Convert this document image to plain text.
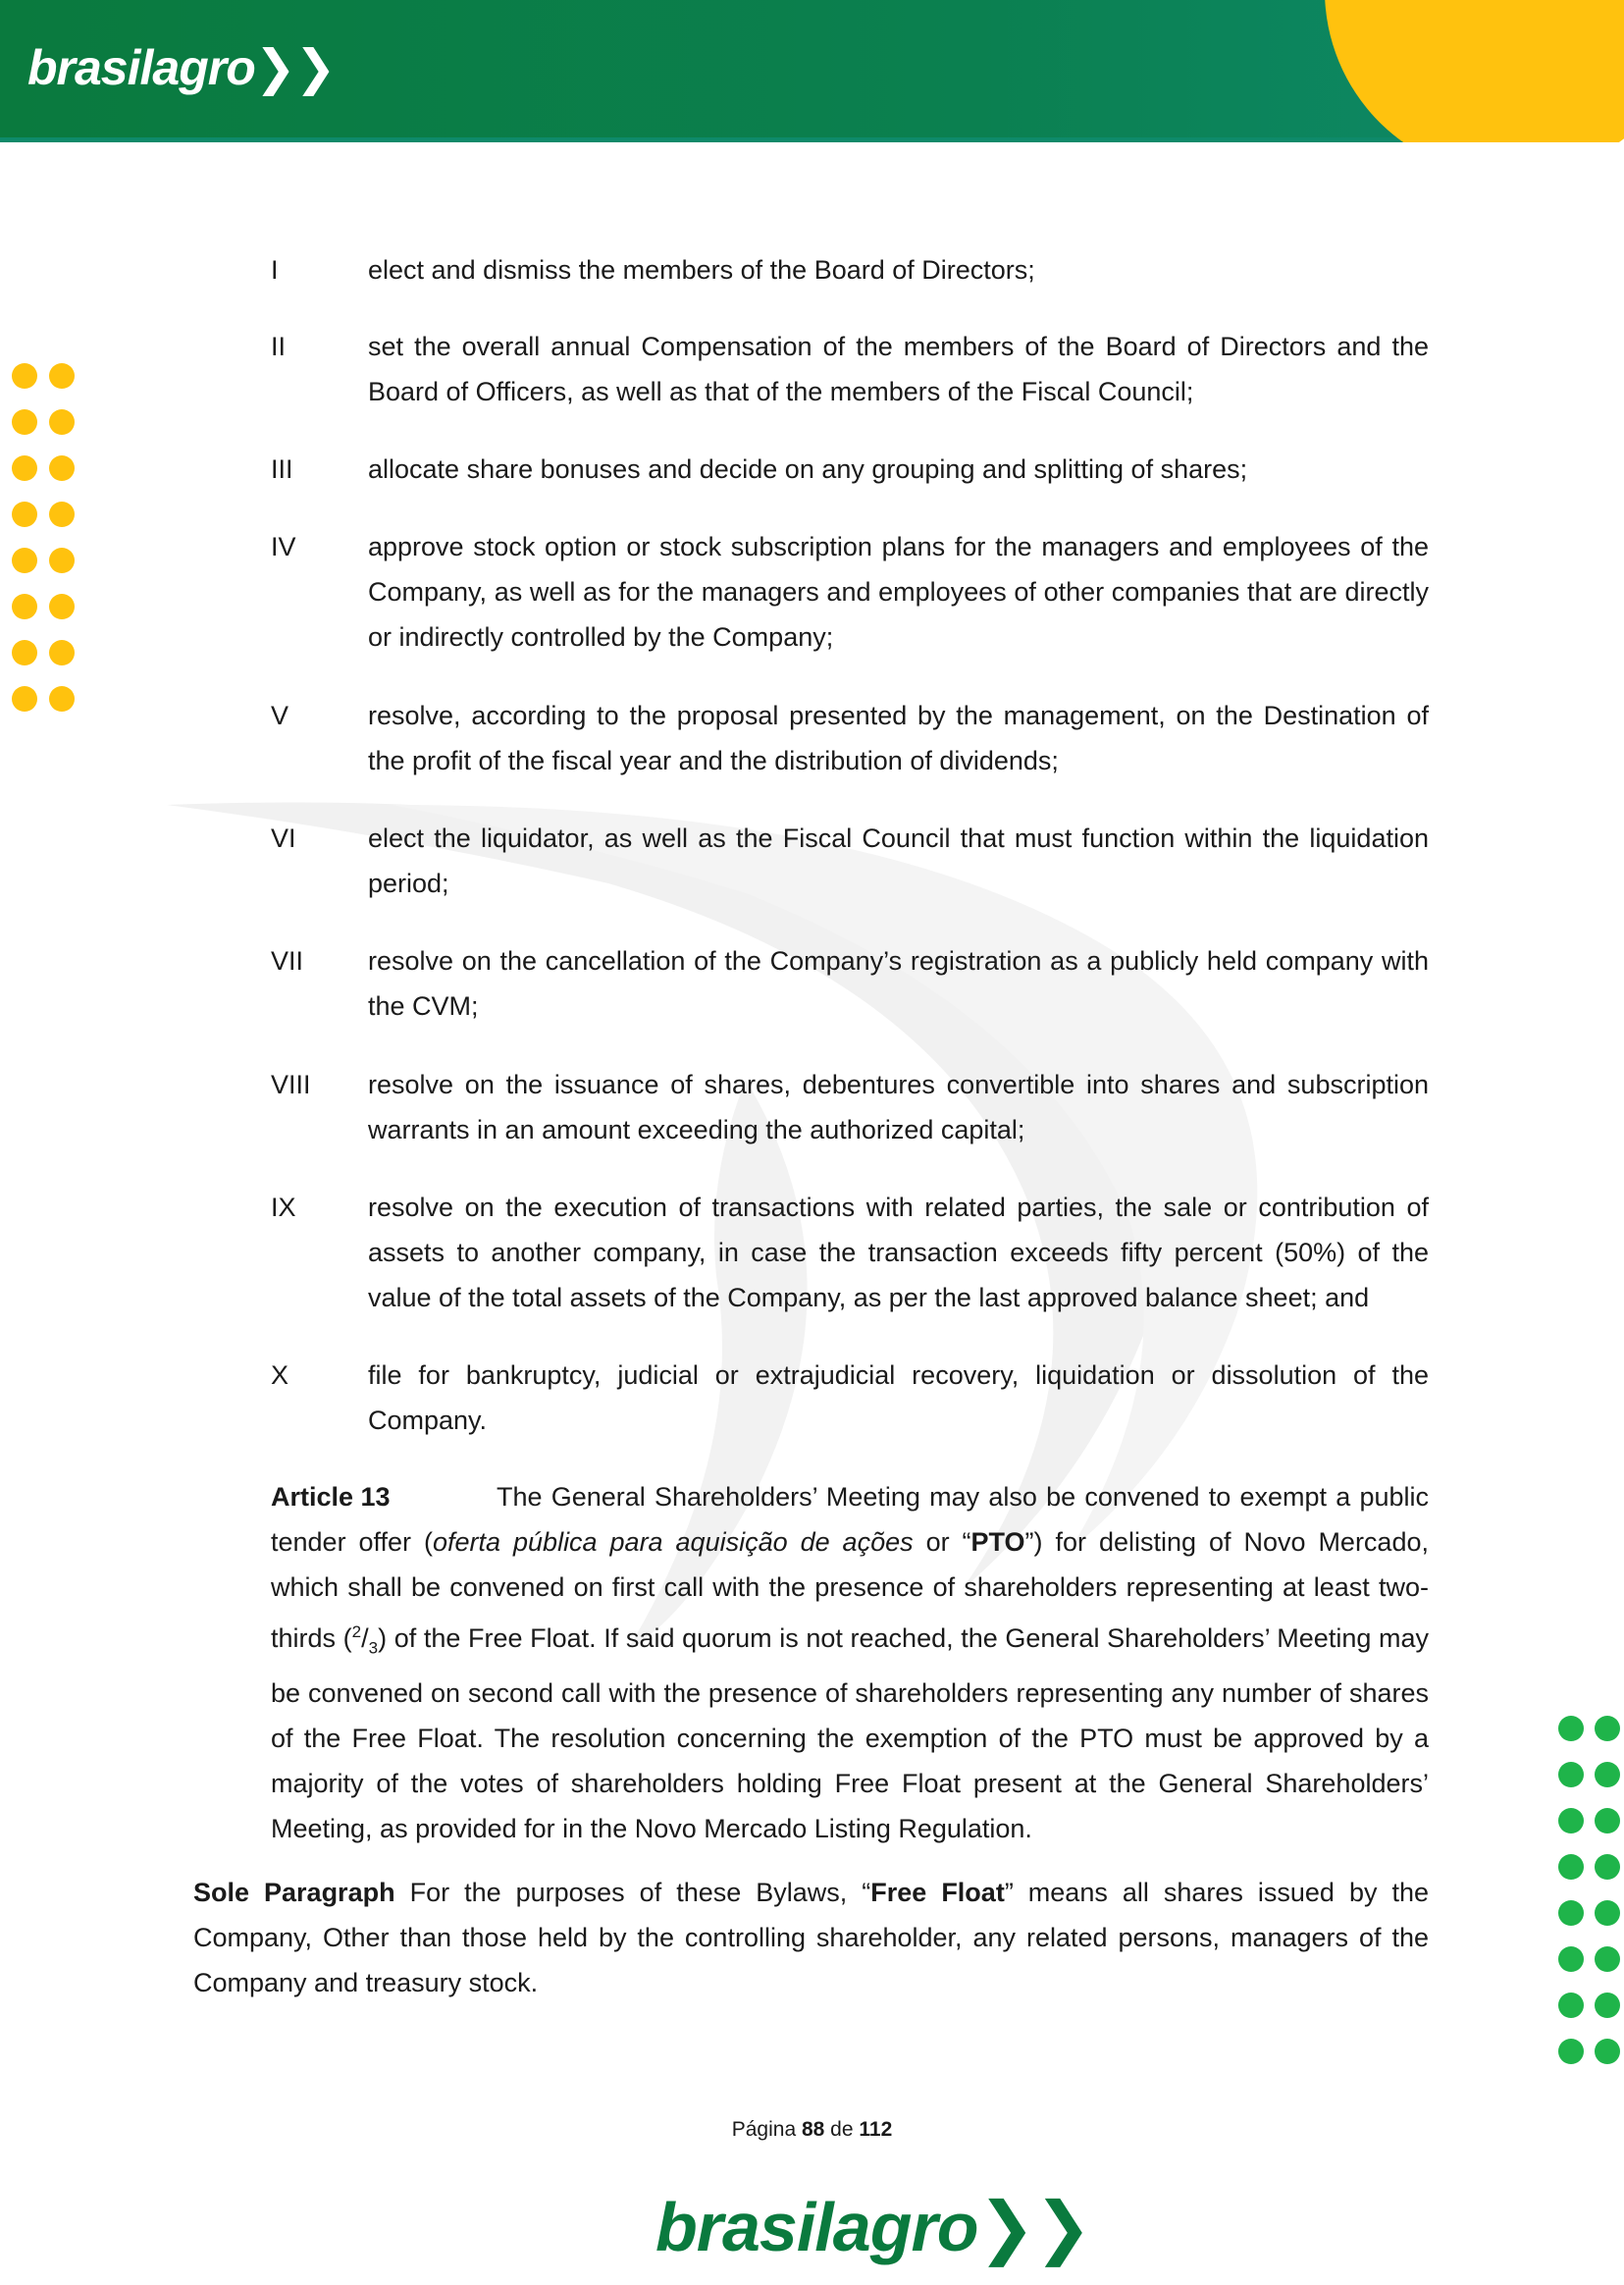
brasilagro❯❯
I	elect and dismiss the members of the Board of Directors;
II	set the overall annual Compensation of the members of the Board of Directors and the Board of Officers, as well as that of the members of the Fiscal Council;
III	allocate share bonuses and decide on any grouping and splitting of shares;
IV	approve stock option or stock subscription plans for the managers and employees of the Company, as well as for the managers and employees of other companies that are directly or indirectly controlled by the Company;
V	resolve, according to the proposal presented by the management, on the Destination of the profit of the fiscal year and the distribution of dividends;
VI	elect the liquidator, as well as the Fiscal Council that must function within the liquidation period;
VII resolve on the cancellation of the Company’s registration as a publicly held company with the CVM;
VIII resolve on the issuance of shares, debentures convertible into shares and subscription warrants in an amount exceeding the authorized capital;
IX	resolve on the execution of transactions with related parties, the sale or contribution of assets to another company, in case the transaction exceeds fifty percent (50%) of the value of the total assets of the Company, as per the last approved balance sheet; and
X	file for bankruptcy, judicial or extrajudicial recovery, liquidation or dissolution of the Company.
Article 13	The General Shareholders’ Meeting may also be convened to exempt a public tender offer (oferta pública para aquisição de ações or “PTO”) for delisting of Novo Mercado, which shall be convened on first call with the presence of shareholders representing at least two-thirds $(^2/_3)$ of the Free Float. If said quorum is not reached, the General Shareholders’ Meeting may be convened on second call with the presence of shareholders representing any number of shares of the Free Float. The resolution concerning the exemption of the PTO must be approved by a majority of the votes of shareholders holding Free Float present at the General Shareholders’ Meeting, as provided for in the Novo Mercado Listing Regulation.
Sole Paragraph For the purposes of these Bylaws, “Free Float” means all shares issued by the Company, Other than those held by the controlling shareholder, any related persons, managers of the Company and treasury stock.
Página 88 de 112
brasilagro❯❯
